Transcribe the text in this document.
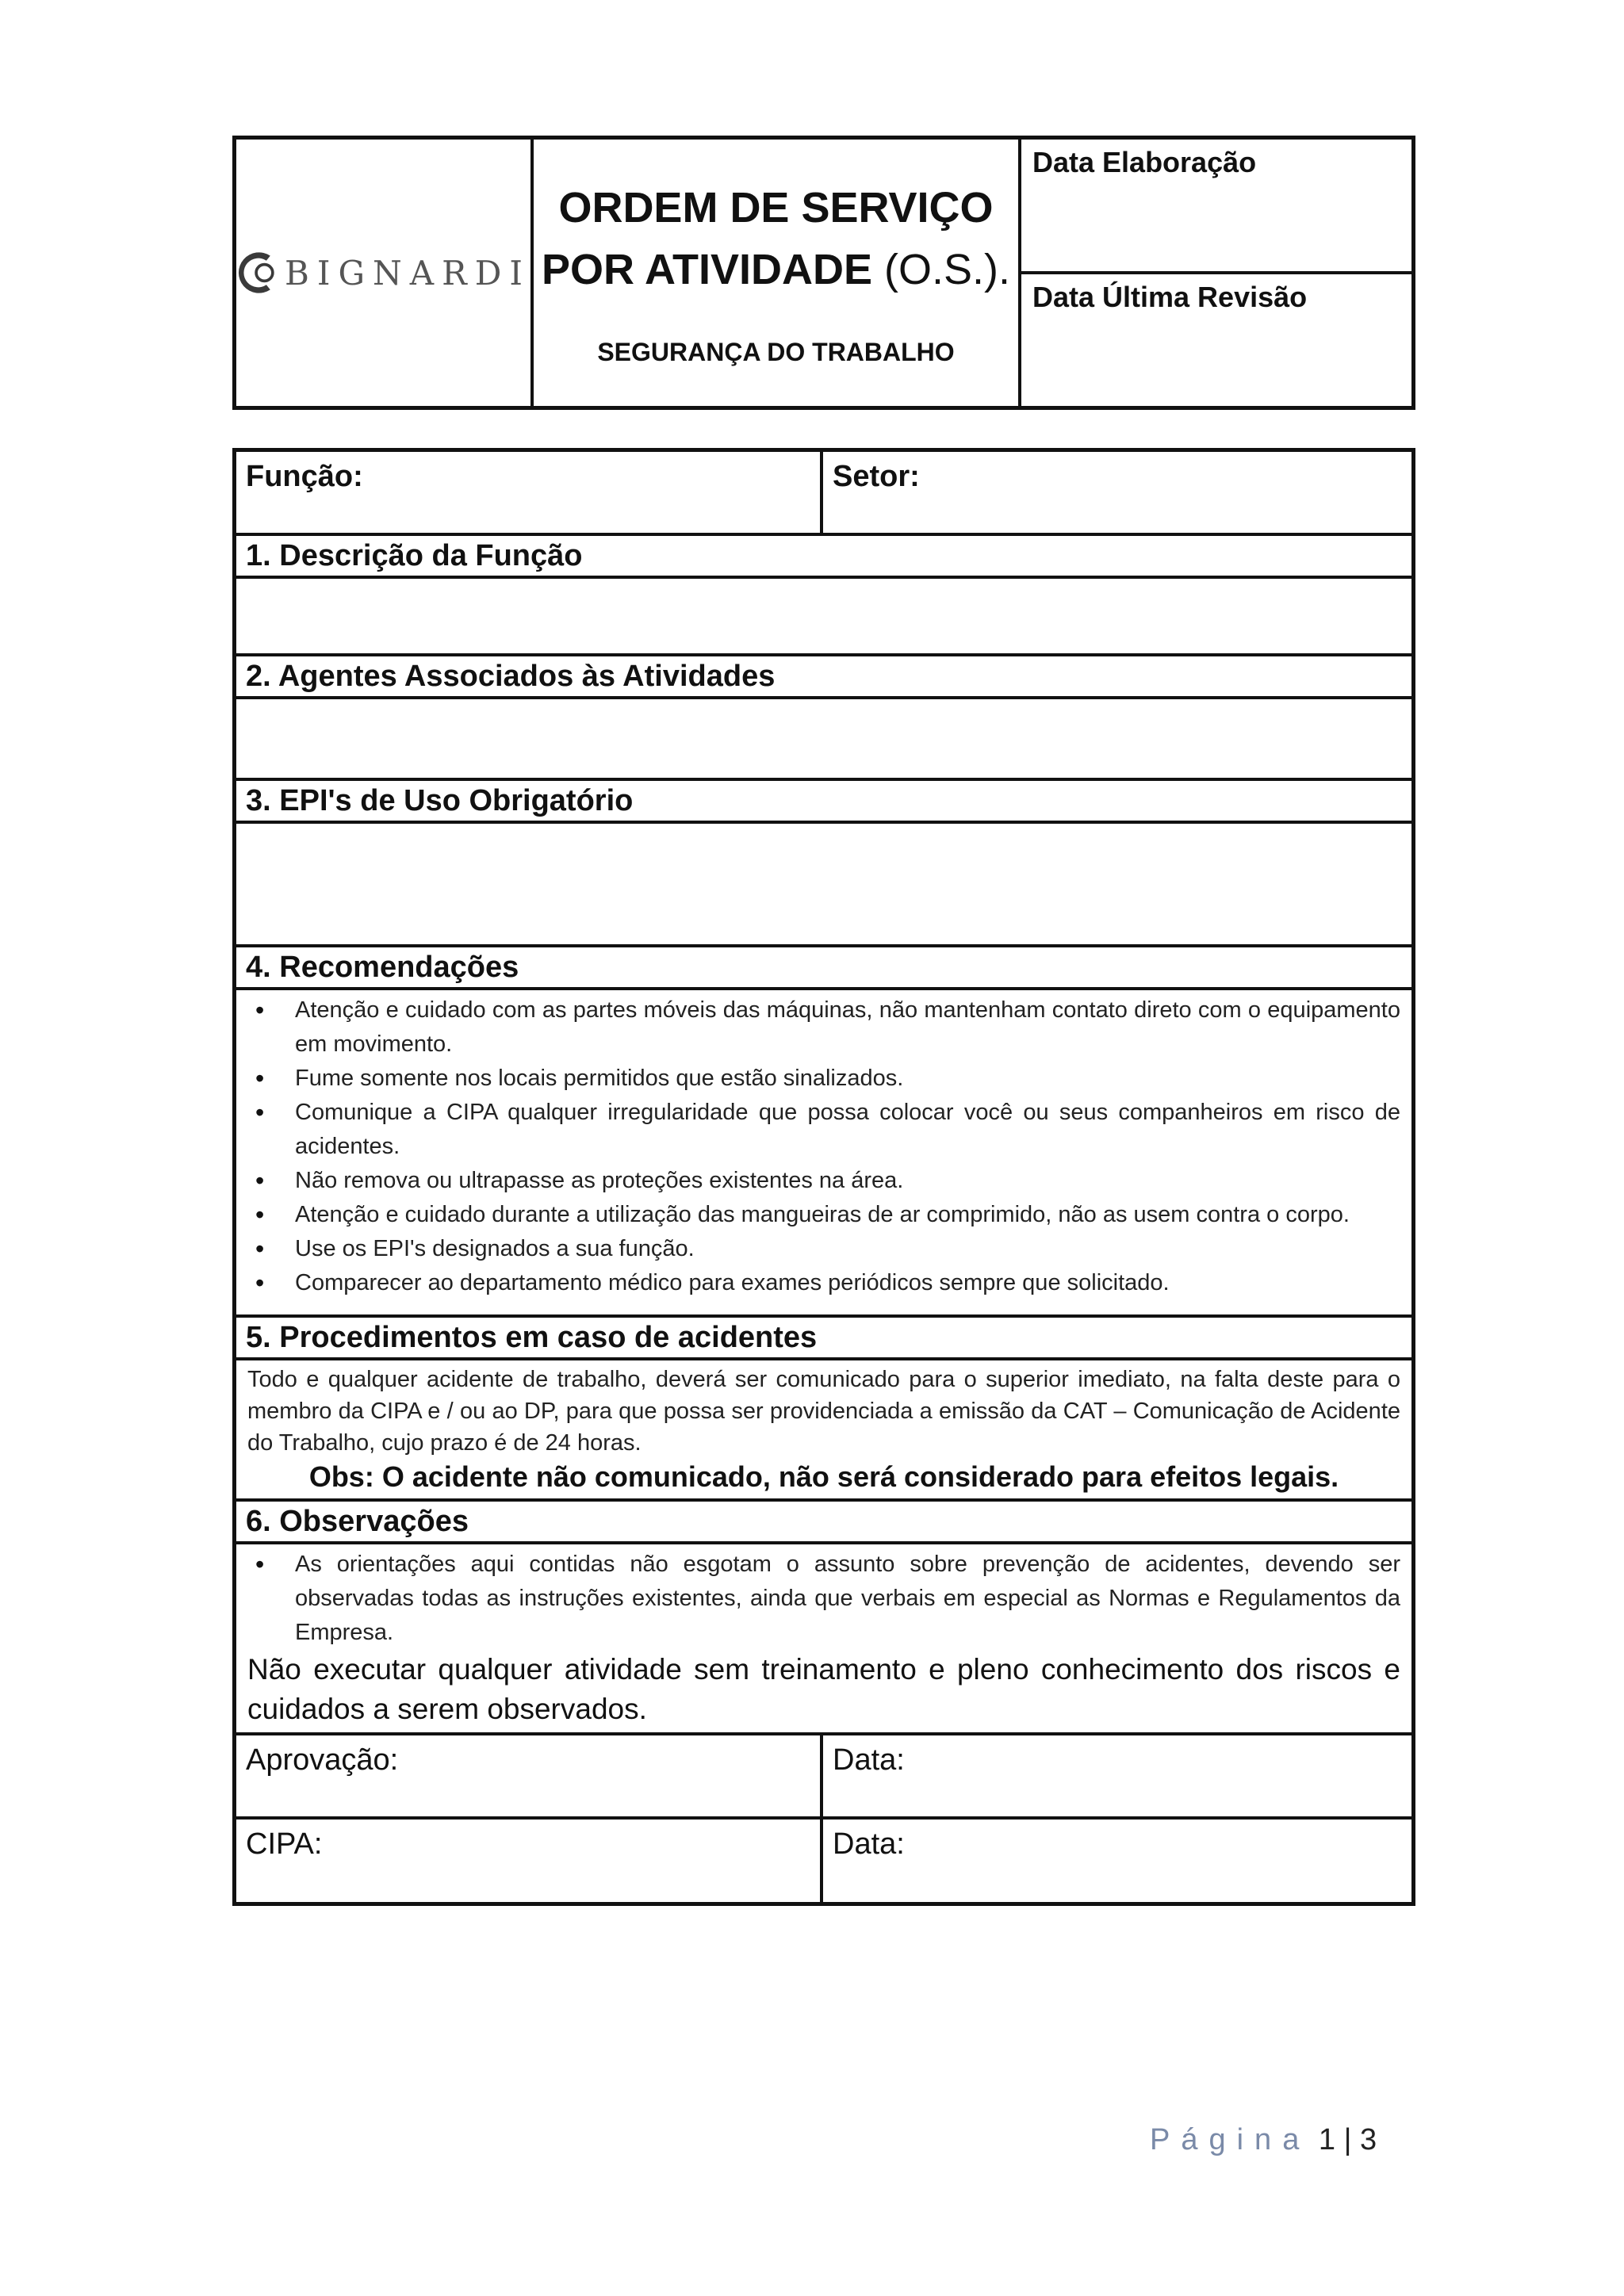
BIGNARDI
ORDEM DE SERVIÇO
POR ATIVIDADE (O.S.).
SEGURANÇA DO TRABALHO
Data Elaboração
Data Última Revisão
Função:	Setor:
1. Descrição da Função
2. Agentes Associados às Atividades
3. EPI's de Uso Obrigatório
4. Recomendações
• Atenção e cuidado com as partes móveis das máquinas, não mantenham contato direto com o equipamento em movimento.
• Fume somente nos locais permitidos que estão sinalizados.
• Comunique a CIPA qualquer irregularidade que possa colocar você ou seus companheiros em risco de acidentes.
• Não remova ou ultrapasse as proteções existentes na área.
• Atenção e cuidado durante a utilização das mangueiras de ar comprimido, não as usem contra o corpo.
• Use os EPI's designados a sua função.
• Comparecer ao departamento médico para exames periódicos sempre que solicitado.
5. Procedimentos em caso de acidentes
Todo e qualquer acidente de trabalho, deverá ser comunicado para o superior imediato, na falta deste para o membro da CIPA e / ou ao DP, para que possa ser providenciada a emissão da CAT – Comunicação de Acidente do Trabalho, cujo prazo é de 24 horas.
Obs: O acidente não comunicado, não será considerado para efeitos legais.
6. Observações
• As orientações aqui contidas não esgotam o assunto sobre prevenção de acidentes, devendo ser observadas todas as instruções existentes, ainda que verbais em especial as Normas e Regulamentos da Empresa.
Não executar qualquer atividade sem treinamento e pleno conhecimento dos riscos e cuidados a serem observados.
Aprovação:	Data:
CIPA:	Data:
Página 1 | 3
